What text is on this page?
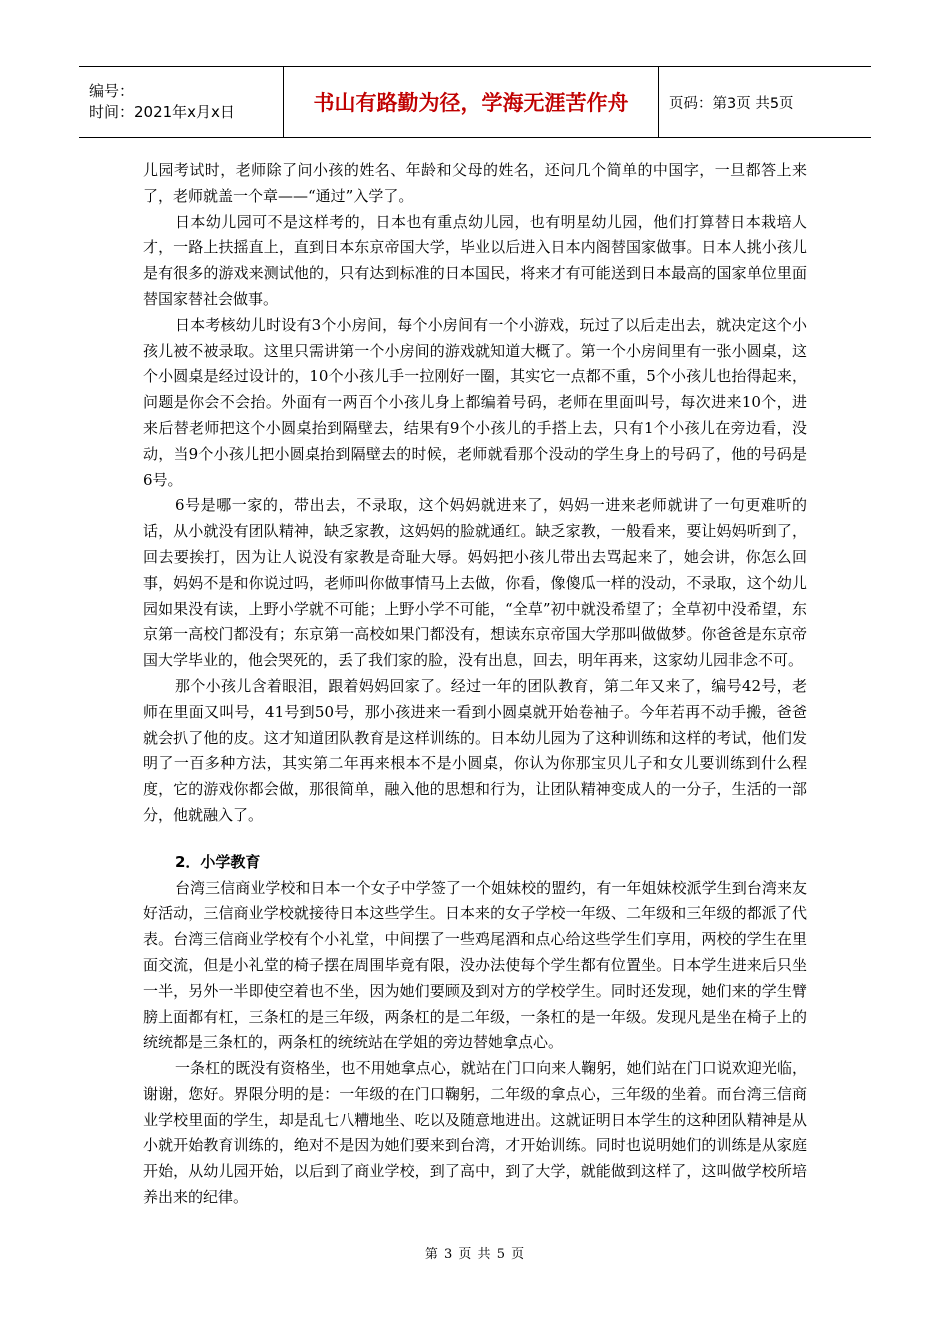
编号：
时间：2021年x月x日	书山有路勤为径，学海无涯苦作舟	页码：第3页 共5页

儿园考试时，老师除了问小孩的姓名、年龄和父母的姓名，还问几个简单的中国字，一旦都答上来了，老师就盖一个章——“通过”入学了。

日本幼儿园可不是这样考的，日本也有重点幼儿园，也有明星幼儿园，他们打算替日本栽培人才，一路上扶摇直上，直到日本东京帝国大学，毕业以后进入日本内阁替国家做事。日本人挑小孩儿是有很多的游戏来测试他的，只有达到标准的日本国民，将来才有可能送到日本最高的国家单位里面替国家替社会做事。

日本考核幼儿时设有3个小房间，每个小房间有一个小游戏，玩过了以后走出去，就决定这个小孩儿被不被录取。这里只需讲第一个小房间的游戏就知道大概了。第一个小房间里有一张小圆桌，这个小圆桌是经过设计的，10个小孩儿手一拉刚好一圈，其实它一点都不重，5个小孩儿也抬得起来，问题是你会不会抬。外面有一两百个小孩儿身上都编着号码，老师在里面叫号，每次进来10个，进来后替老师把这个小圆桌抬到隔壁去，结果有9个小孩儿的手搭上去，只有1个小孩儿在旁边看，没动，当9个小孩儿把小圆桌抬到隔壁去的时候，老师就看那个没动的学生身上的号码了，他的号码是6号。

6号是哪一家的，带出去，不录取，这个妈妈就进来了，妈妈一进来老师就讲了一句更难听的话，从小就没有团队精神，缺乏家教，这妈妈的脸就通红。缺乏家教，一般看来，要让妈妈听到了，回去要挨打，因为让人说没有家教是奇耻大辱。妈妈把小孩儿带出去骂起来了，她会讲，你怎么回事，妈妈不是和你说过吗，老师叫你做事情马上去做，你看，像傻瓜一样的没动，不录取，这个幼儿园如果没有读，上野小学就不可能；上野小学不可能，“全草”初中就没希望了；全草初中没希望，东京第一高校门都没有；东京第一高校如果门都没有，想读东京帝国大学那叫做做梦。你爸爸是东京帝国大学毕业的，他会哭死的，丢了我们家的脸，没有出息，回去，明年再来，这家幼儿园非念不可。

那个小孩儿含着眼泪，跟着妈妈回家了。经过一年的团队教育，第二年又来了，编号42号，老师在里面又叫号，41号到50号，那小孩进来一看到小圆桌就开始卷袖子。今年若再不动手搬，爸爸就会扒了他的皮。这才知道团队教育是这样训练的。日本幼儿园为了这种训练和这样的考试，他们发明了一百多种方法，其实第二年再来根本不是小圆桌，你认为你那宝贝儿子和女儿要训练到什么程度，它的游戏你都会做，那很简单，融入他的思想和行为，让团队精神变成人的一分子，生活的一部分，他就融入了。

2．小学教育

台湾三信商业学校和日本一个女子中学签了一个姐妹校的盟约，有一年姐妹校派学生到台湾来友好活动，三信商业学校就接待日本这些学生。日本来的女子学校一年级、二年级和三年级的都派了代表。台湾三信商业学校有个小礼堂，中间摆了一些鸡尾酒和点心给这些学生们享用，两校的学生在里面交流，但是小礼堂的椅子摆在周围毕竟有限，没办法使每个学生都有位置坐。日本学生进来后只坐一半，另外一半即使空着也不坐，因为她们要顾及到对方的学校学生。同时还发现，她们来的学生臂膀上面都有杠，三条杠的是三年级，两条杠的是二年级，一条杠的是一年级。发现凡是坐在椅子上的统统都是三条杠的，两条杠的统统站在学姐的旁边替她拿点心。

一条杠的既没有资格坐，也不用她拿点心，就站在门口向来人鞠躬，她们站在门口说欢迎光临，谢谢，您好。界限分明的是：一年级的在门口鞠躬，二年级的拿点心，三年级的坐着。而台湾三信商业学校里面的学生，却是乱七八糟地坐、吃以及随意地进出。这就证明日本学生的这种团队精神是从小就开始教育训练的，绝对不是因为她们要来到台湾，才开始训练。同时也说明她们的训练是从家庭开始，从幼儿园开始，以后到了商业学校，到了高中，到了大学，就能做到这样了，这叫做学校所培养出来的纪律。

第 3 页 共 5 页
